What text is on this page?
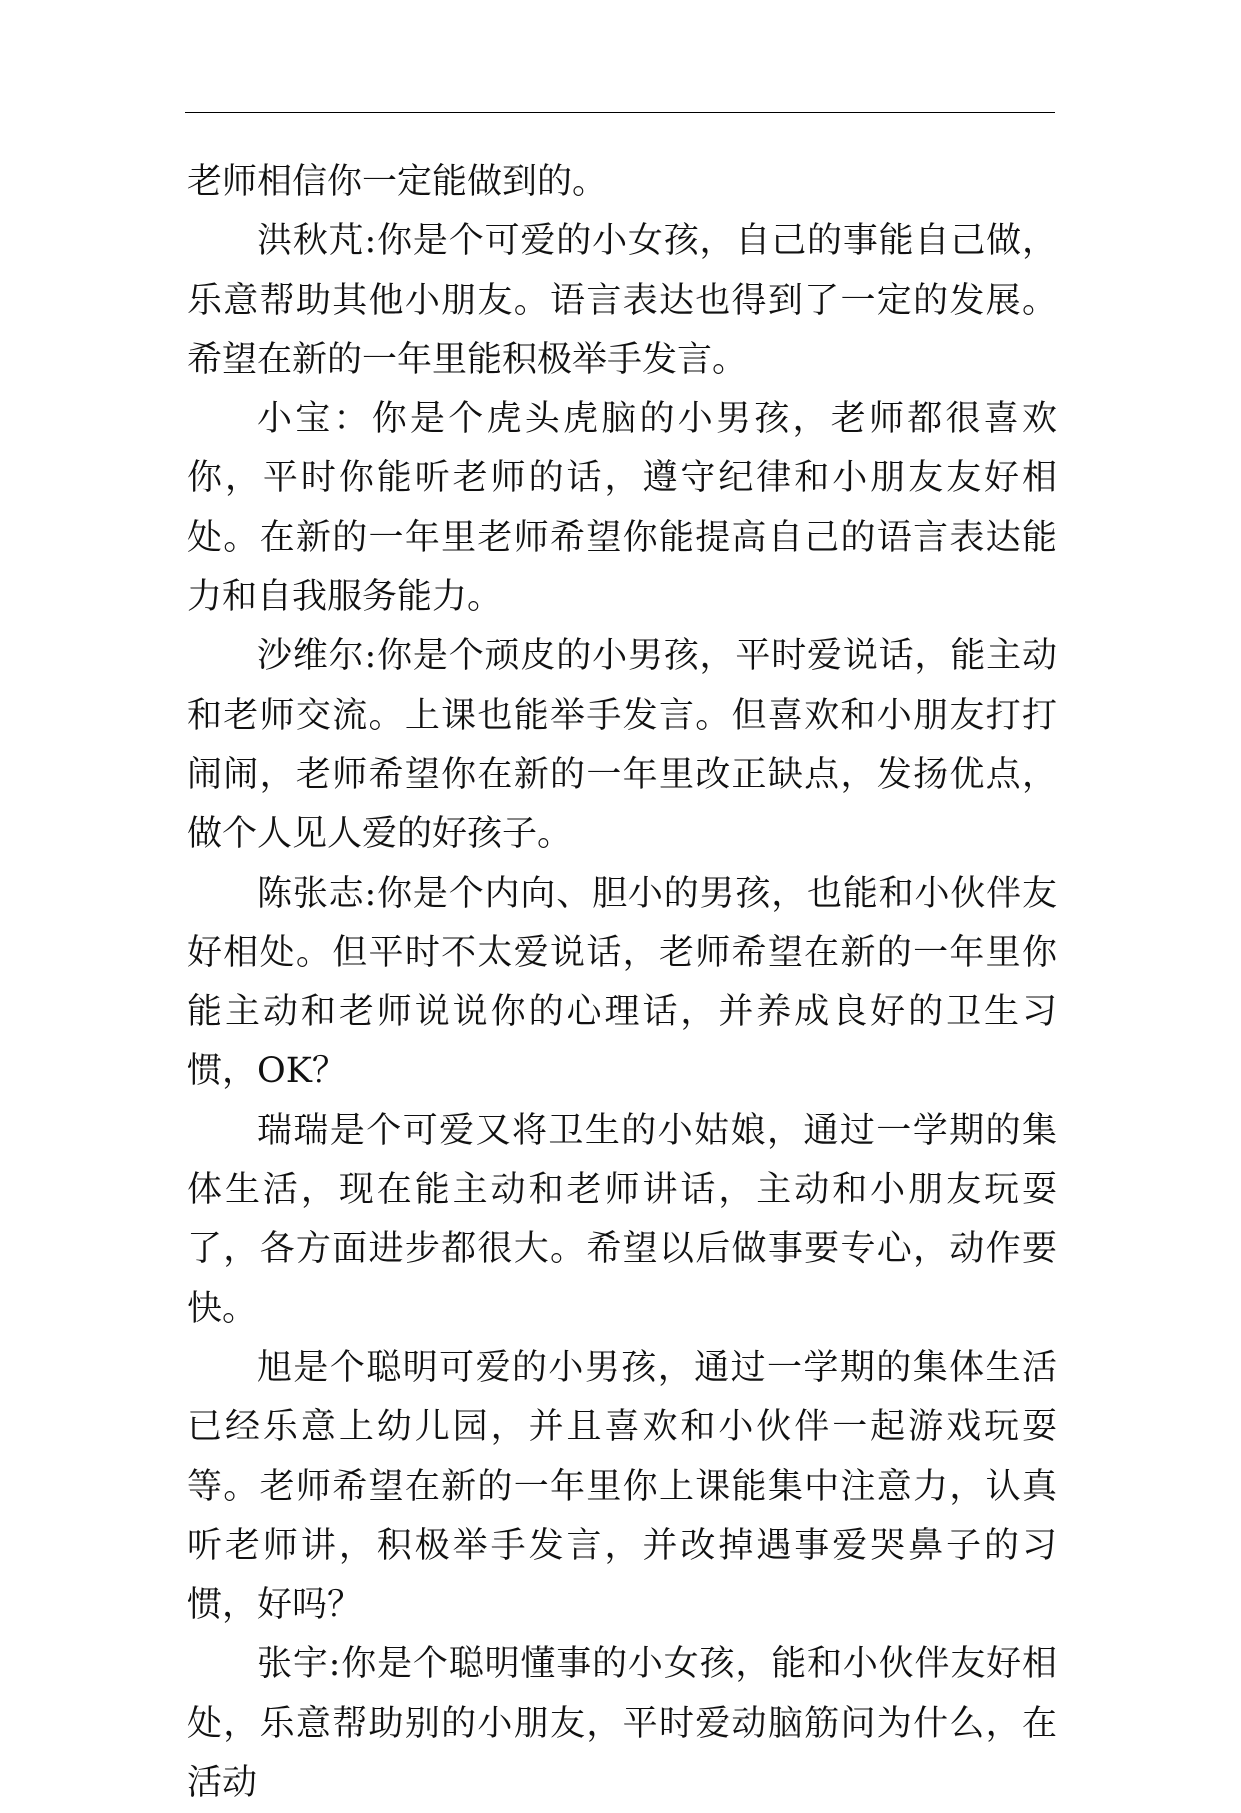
老师相信你一定能做到的。

洪秋芃:你是个可爱的小女孩，自己的事能自己做，乐意帮助其他小朋友。语言表达也得到了一定的发展。希望在新的一年里能积极举手发言。

小宝：你是个虎头虎脑的小男孩，老师都很喜欢你，平时你能听老师的话，遵守纪律和小朋友友好相处。在新的一年里老师希望你能提高自己的语言表达能力和自我服务能力。

沙维尔:你是个顽皮的小男孩，平时爱说话，能主动和老师交流。上课也能举手发言。但喜欢和小朋友打打闹闹，老师希望你在新的一年里改正缺点，发扬优点，做个人见人爱的好孩子。

陈张志:你是个内向、胆小的男孩，也能和小伙伴友好相处。但平时不太爱说话，老师希望在新的一年里你能主动和老师说说你的心理话，并养成良好的卫生习惯，OK？

瑞瑞是个可爱又将卫生的小姑娘，通过一学期的集体生活，现在能主动和老师讲话，主动和小朋友玩耍了，各方面进步都很大。希望以后做事要专心，动作要快。

旭是个聪明可爱的小男孩，通过一学期的集体生活已经乐意上幼儿园，并且喜欢和小伙伴一起游戏玩耍等。老师希望在新的一年里你上课能集中注意力，认真听老师讲，积极举手发言，并改掉遇事爱哭鼻子的习惯，好吗？

张宇:你是个聪明懂事的小女孩，能和小伙伴友好相处，乐意帮助别的小朋友，平时爱动脑筋问为什么，在活动
